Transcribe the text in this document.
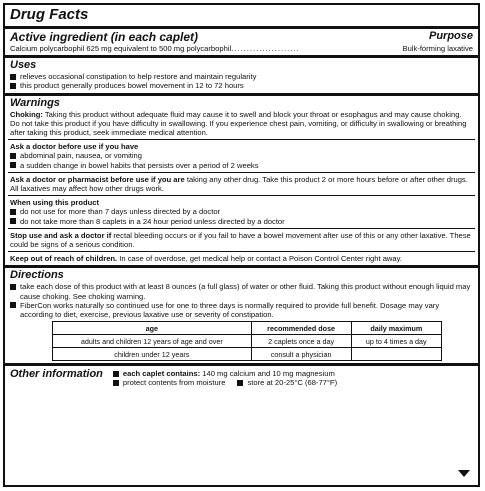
Drug Facts
Active ingredient (in each caplet)	Purpose
Calcium polycarbophil 625 mg equivalent to 500 mg polycarbophil ......................	Bulk-forming laxative
Uses
relieves occasional constipation to help restore and maintain regularity
this product generally produces bowel movement in 12 to 72 hours
Warnings
Choking: Taking this product without adequate fluid may cause it to swell and block your throat or esophagus and may cause choking. Do not take this product if you have difficulty in swallowing. If you experience chest pain, vomiting, or difficulty in swallowing or breathing after taking this product, seek immediate medical attention.
Ask a doctor before use if you have
abdominal pain, nausea, or vomiting
a sudden change in bowel habits that persists over a period of 2 weeks
Ask a doctor or pharmacist before use if you are taking any other drug. Take this product 2 or more hours before or after other drugs. All laxatives may affect how other drugs work.
When using this product
do not use for more than 7 days unless directed by a doctor
do not take more than 8 caplets in a 24 hour period unless directed by a doctor
Stop use and ask a doctor if rectal bleeding occurs or if you fail to have a bowel movement after use of this or any other laxative. These could be signs of a serious condition.
Keep out of reach of children. In case of overdose, get medical help or contact a Poison Control Center right away.
Directions
take each dose of this product with at least 8 ounces (a full glass) of water or other fluid. Taking this product without enough liquid may cause choking. See choking warning.
FiberCon works naturally so continued use for one to three days is normally required to provide full benefit. Dosage may vary according to diet, exercise, previous laxative use or severity of constipation.
age	recommended dose	daily maximum
adults and children 12 years of age and over	2 caplets once a day	up to 4 times a day
children under 12 years	consult a physician	
Other information	each caplet contains: 140 mg calcium and 10 mg magnesium
protect contents from moisture	store at 20-25°C (68-77°F)
